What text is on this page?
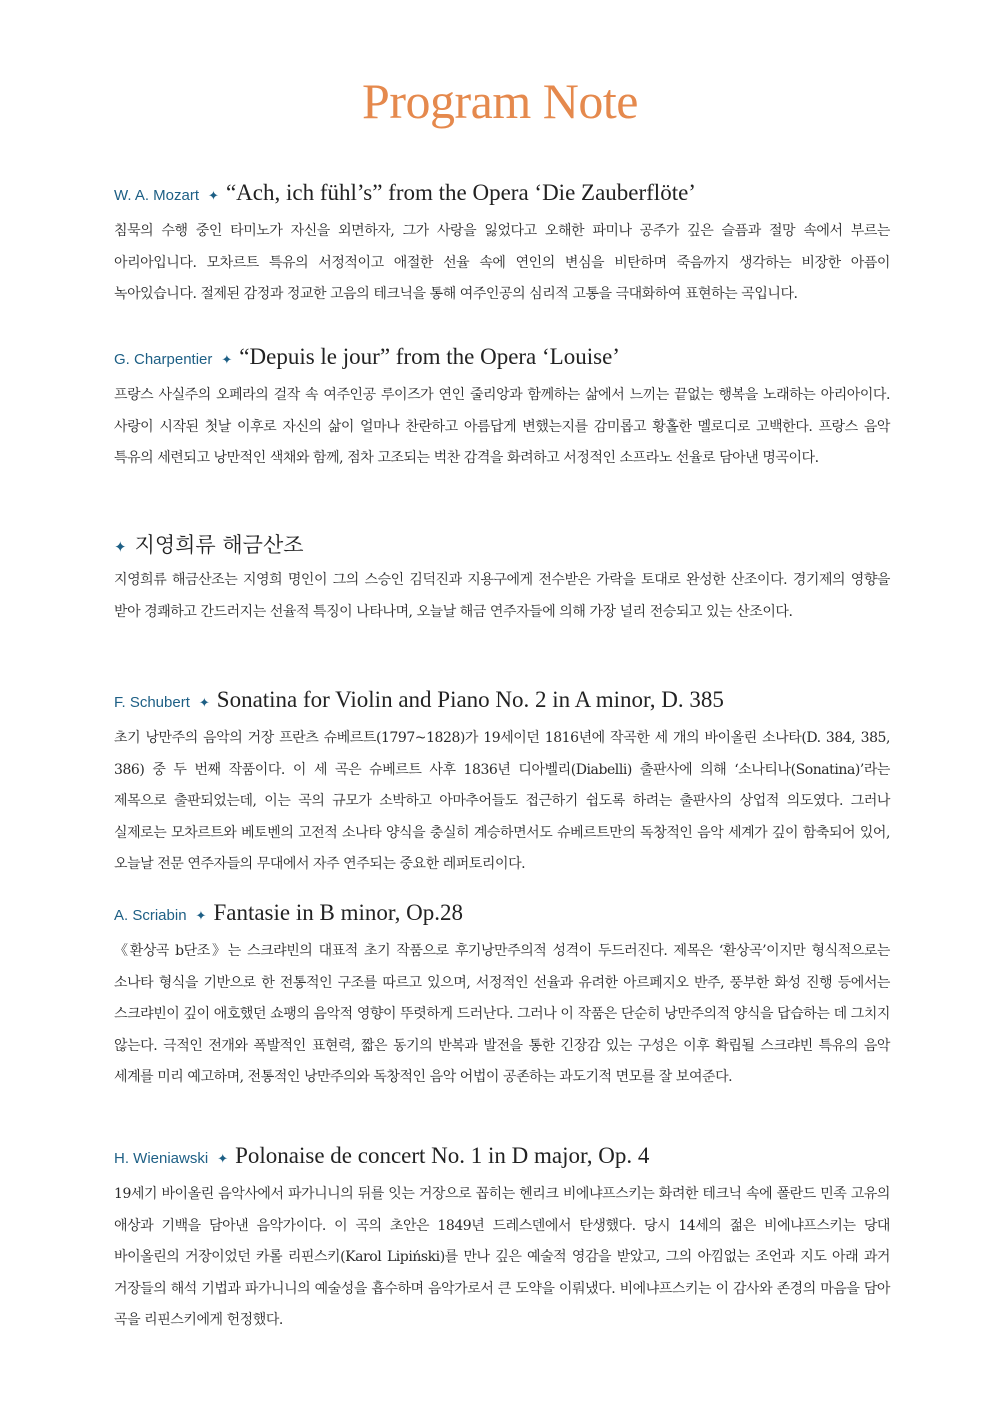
Program Note
W. A. Mozart ✦ “Ach, ich fühl’s” from the Opera ‘Die Zauberflöte’

침묵의 수행 중인 타미노가 자신을 외면하자, 그가 사랑을 잃었다고 오해한 파미나 공주가 깊은 슬픔과 절망 속에서 부르는 아리아입니다. 모차르트 특유의 서정적이고 애절한 선율 속에 연인의 변심을 비탄하며 죽음까지 생각하는 비장한 아픔이 녹아있습니다. 절제된 감정과 정교한 고음의 테크닉을 통해 여주인공의 심리적 고통을 극대화하여 표현하는 곡입니다.

G. Charpentier ✦ “Depuis le jour” from the Opera ‘Louise’

프랑스 사실주의 오페라의 걸작 속 여주인공 루이즈가 연인 줄리앙과 함께하는 삶에서 느끼는 끝없는 행복을 노래하는 아리아이다. 사랑이 시작된 첫날 이후로 자신의 삶이 얼마나 찬란하고 아름답게 변했는지를 감미롭고 황홀한 멜로디로 고백한다. 프랑스 음악 특유의 세련되고 낭만적인 색채와 함께, 점차 고조되는 벅찬 감격을 화려하고 서정적인 소프라노 선율로 담아낸 명곡이다.

✦ 지영희류 해금산조

지영희류 해금산조는 지영희 명인이 그의 스승인 김덕진과 지용구에게 전수받은 가락을 토대로 완성한 산조이다. 경기제의 영향을 받아 경쾌하고 간드러지는 선율적 특징이 나타나며, 오늘날 해금 연주자들에 의해 가장 널리 전승되고 있는 산조이다.

F. Schubert ✦ Sonatina for Violin and Piano No. 2 in A minor, D. 385

초기 낭만주의 음악의 거장 프란츠 슈베르트(1797~1828)가 19세이던 1816년에 작곡한 세 개의 바이올린 소나타(D. 384, 385, 386) 중 두 번째 작품이다. 이 세 곡은 슈베르트 사후 1836년 디아벨리(Diabelli) 출판사에 의해 ‘소나티나(Sonatina)’라는 제목으로 출판되었는데, 이는 곡의 규모가 소박하고 아마추어들도 접근하기 쉽도록 하려는 출판사의 상업적 의도였다. 그러나 실제로는 모차르트와 베토벤의 고전적 소나타 양식을 충실히 계승하면서도 슈베르트만의 독창적인 음악 세계가 깊이 함축되어 있어, 오늘날 전문 연주자들의 무대에서 자주 연주되는 중요한 레퍼토리이다.

A. Scriabin ✦ Fantasie in B minor, Op.28

《환상곡 b단조》는 스크랴빈의 대표적 초기 작품으로 후기낭만주의적 성격이 두드러진다. 제목은 ‘환상곡’이지만 형식적으로는 소나타 형식을 기반으로 한 전통적인 구조를 따르고 있으며, 서정적인 선율과 유려한 아르페지오 반주, 풍부한 화성 진행 등에서는 스크랴빈이 깊이 애호했던 쇼팽의 음악적 영향이 뚜렷하게 드러난다. 그러나 이 작품은 단순히 낭만주의적 양식을 답습하는 데 그치지 않는다. 극적인 전개와 폭발적인 표현력, 짧은 동기의 반복과 발전을 통한 긴장감 있는 구성은 이후 확립될 스크랴빈 특유의 음악 세계를 미리 예고하며, 전통적인 낭만주의와 독창적인 음악 어법이 공존하는 과도기적 면모를 잘 보여준다.

H. Wieniawski ✦ Polonaise de concert No. 1 in D major, Op. 4

19세기 바이올린 음악사에서 파가니니의 뒤를 잇는 거장으로 꼽히는 헨리크 비에냐프스키는 화려한 테크닉 속에 폴란드 민족 고유의 애상과 기백을 담아낸 음악가이다. 이 곡의 초안은 1849년 드레스덴에서 탄생했다. 당시 14세의 젊은 비에냐프스키는 당대 바이올린의 거장이었던 카롤 리핀스키(Karol Lipiński)를 만나 깊은 예술적 영감을 받았고, 그의 아낌없는 조언과 지도 아래 과거 거장들의 해석 기법과 파가니니의 예술성을 흡수하며 음악가로서 큰 도약을 이뤄냈다. 비에냐프스키는 이 감사와 존경의 마음을 담아 곡을 리핀스키에게 헌정했다.
